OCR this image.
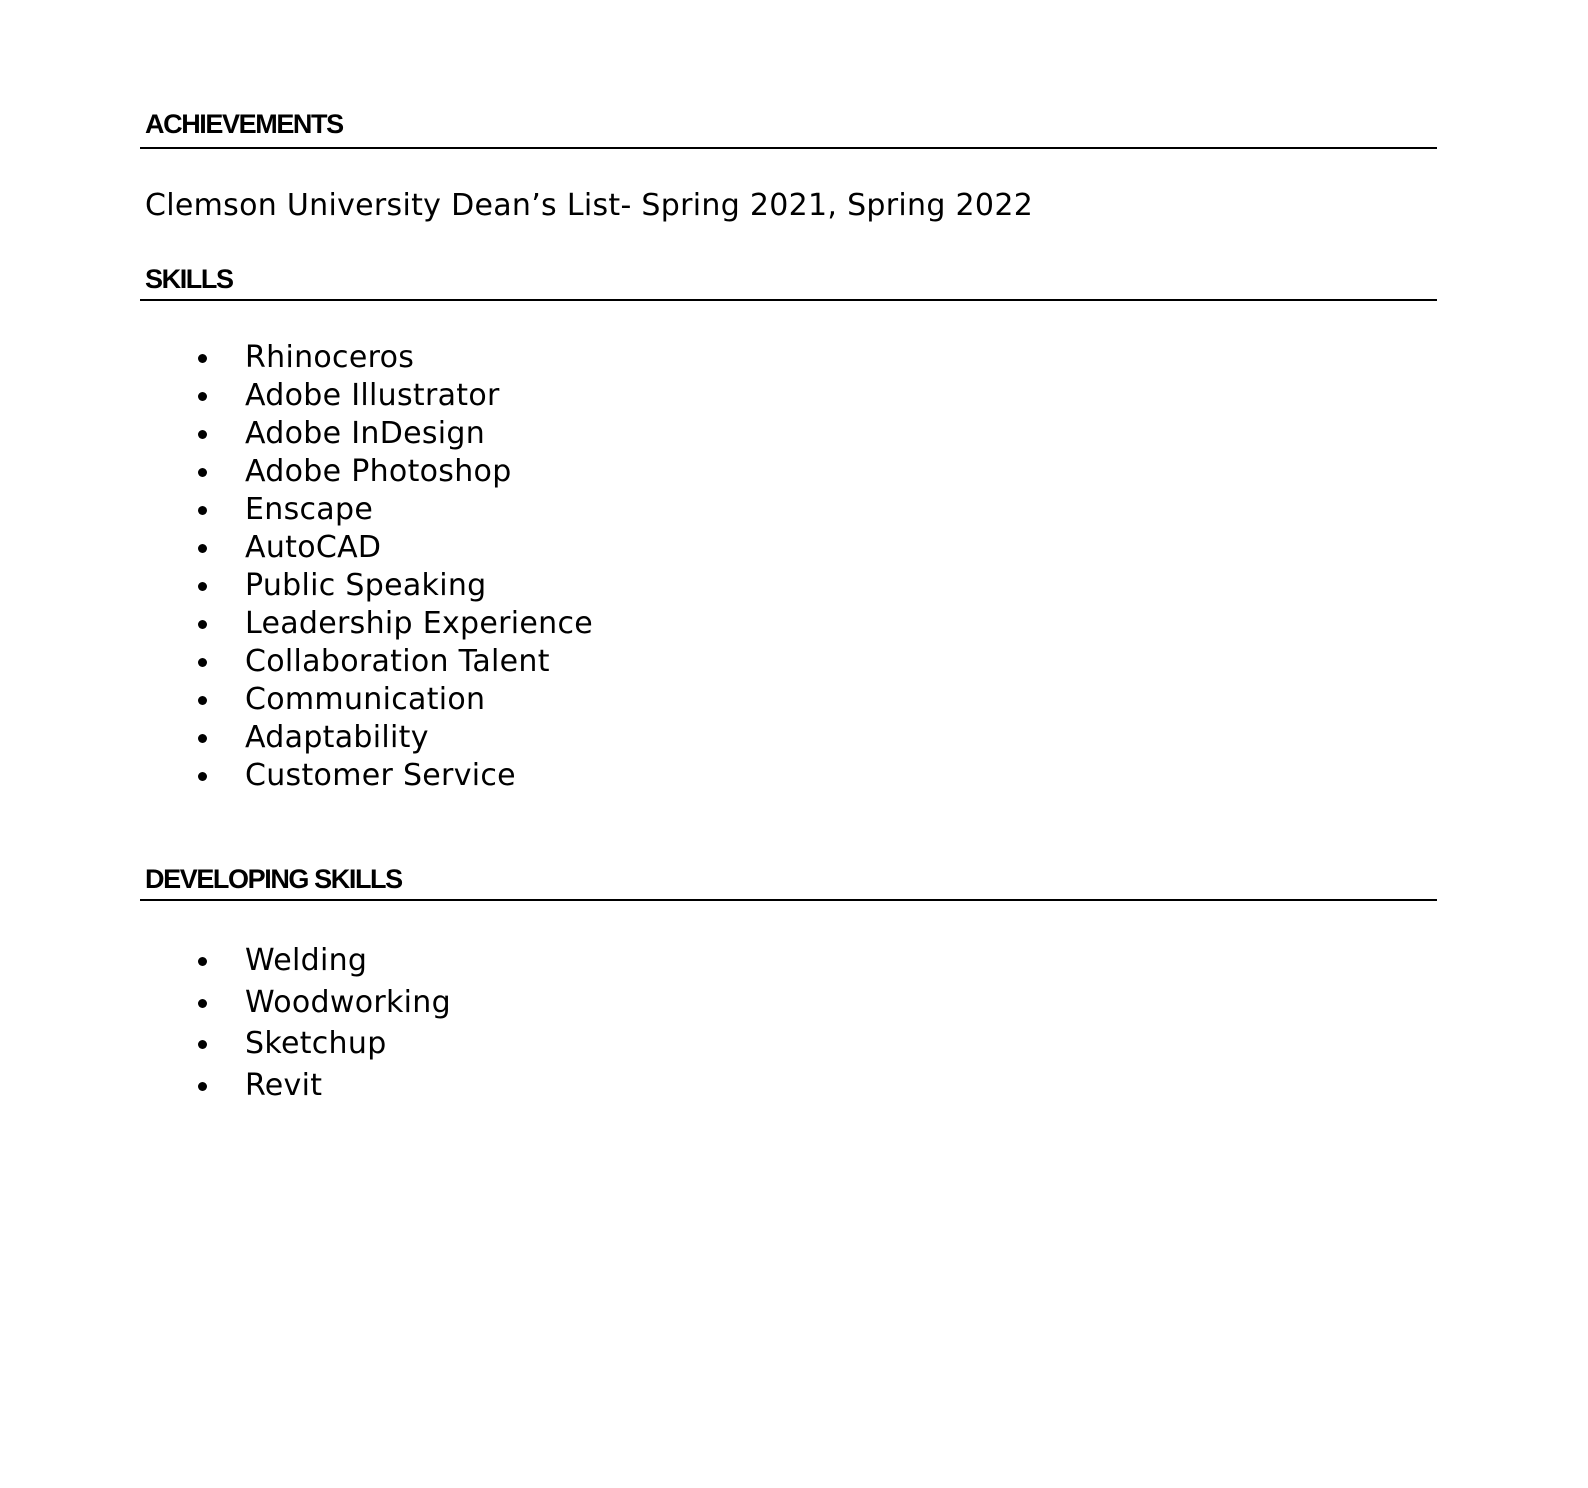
ACHIEVEMENTS

Clemson University Dean’s List- Spring 2021, Spring 2022

SKILLS
Rhinoceros
Adobe Illustrator
Adobe InDesign
Adobe Photoshop
Enscape
AutoCAD
Public Speaking
Leadership Experience
Collaboration Talent
Communication
Adaptability
Customer Service
DEVELOPING SKILLS
Welding
Woodworking
Sketchup
Revit
